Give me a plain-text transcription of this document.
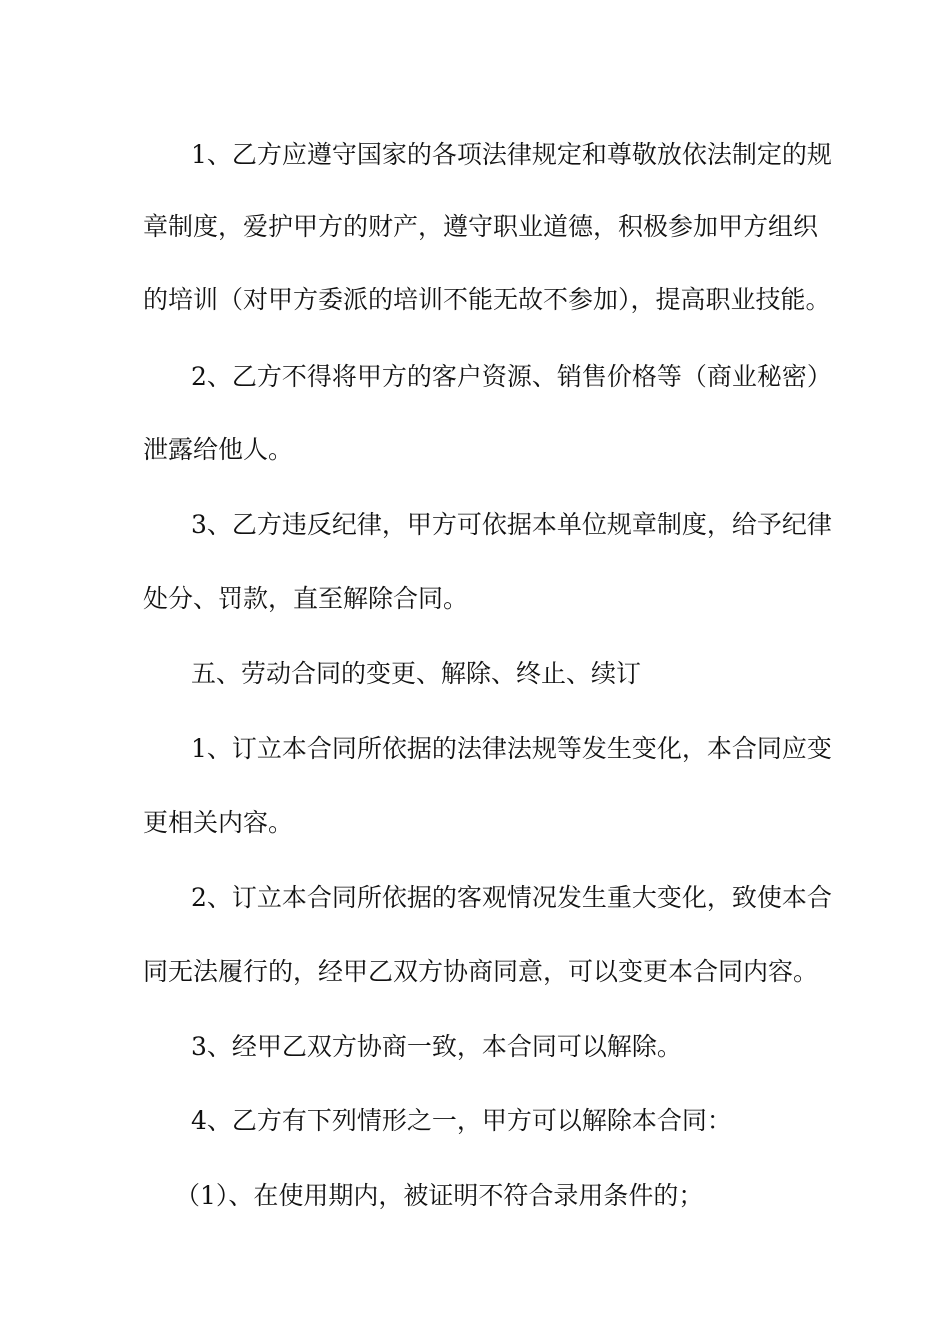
1、乙方应遵守国家的各项法律规定和尊敬放依法制定的规
章制度，爱护甲方的财产，遵守职业道德，积极参加甲方组织
的培训（对甲方委派的培训不能无故不参加），提高职业技能。
2、乙方不得将甲方的客户资源、销售价格等（商业秘密）
泄露给他人。
3、乙方违反纪律，甲方可依据本单位规章制度，给予纪律
处分、罚款，直至解除合同。
五、劳动合同的变更、解除、终止、续订
1、订立本合同所依据的法律法规等发生变化，本合同应变
更相关内容。
2、订立本合同所依据的客观情况发生重大变化，致使本合
同无法履行的，经甲乙双方协商同意，可以变更本合同内容。
3、经甲乙双方协商一致，本合同可以解除。
4、乙方有下列情形之一，甲方可以解除本合同：
（1）、在使用期内，被证明不符合录用条件的；
